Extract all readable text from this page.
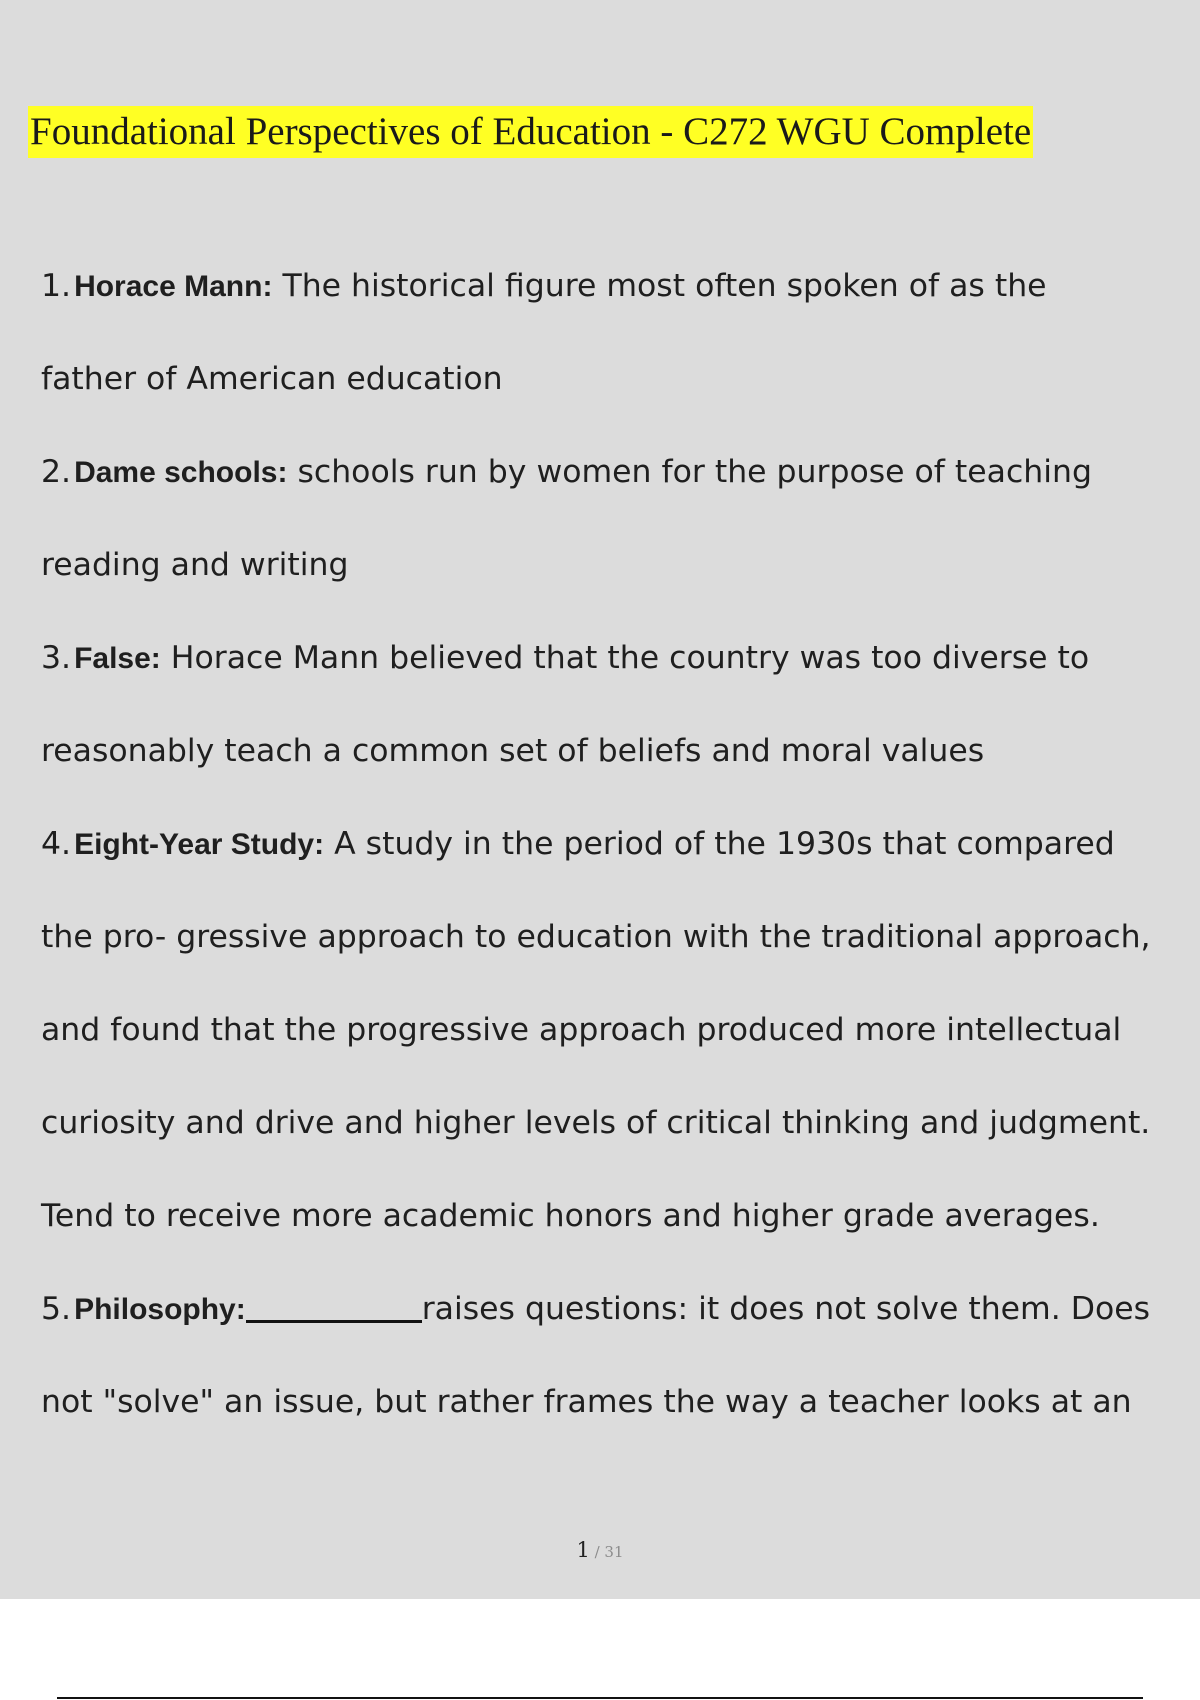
Foundational Perspectives of Education - C272 WGU Complete
1. Horace Mann: The historical figure most often spoken of as the
father of American education
2. Dame schools: schools run by women for the purpose of teaching
reading and writing
3. False: Horace Mann believed that the country was too diverse to
reasonably teach a common set of beliefs and moral values
4. Eight-Year Study: A study in the period of the 1930s that compared
the pro- gressive approach to education with the traditional approach,
and found that the progressive approach produced more intellectual
curiosity and drive and higher levels of critical thinking and judgment.
Tend to receive more academic honors and higher grade averages.
5. Philosophy:	raises questions: it does not solve them. Does
not "solve" an issue, but rather frames the way a teacher looks at an
1 / 31
